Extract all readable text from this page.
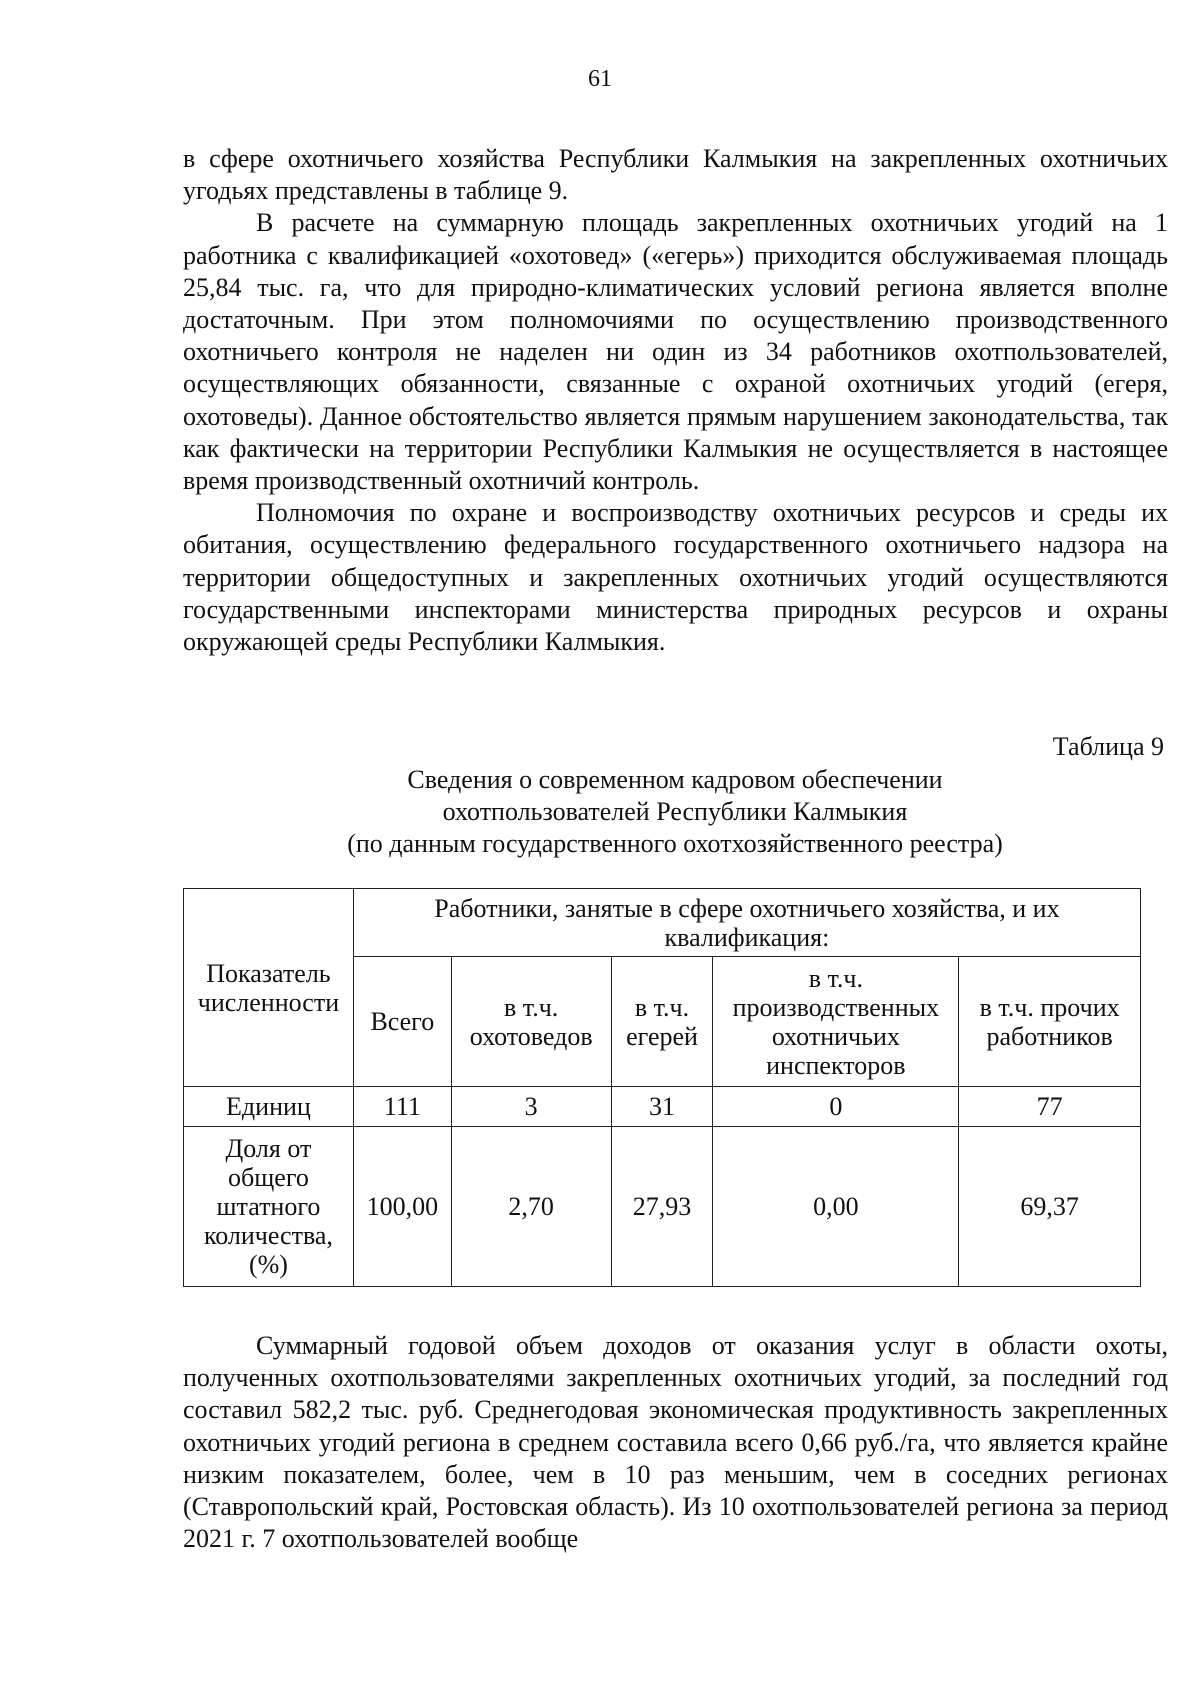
61

в сфере охотничьего хозяйства Республики Калмыкия на закрепленных охотничьих угодьях представлены в таблице 9.

В расчете на суммарную площадь закрепленных охотничьих угодий на 1 работника с квалификацией «охотовед» («егерь») приходится обслуживаемая площадь 25,84 тыс. га, что для природно-климатических условий региона является вполне достаточным. При этом полномочиями по осуществлению производственного охотничьего контроля не наделен ни один из 34 работников охотпользователей, осуществляющих обязанности, связанные с охраной охотничьих угодий (егеря, охотоведы). Данное обстоятельство является прямым нарушением законодательства, так как фактически на территории Республики Калмыкия не осуществляется в настоящее время производственный охотничий контроль.

Полномочия по охране и воспроизводству охотничьих ресурсов и среды их обитания, осуществлению федерального государственного охотничьего надзора на территории общедоступных и закрепленных охотничьих угодий осуществляются государственными инспекторами министерства природных ресурсов и охраны окружающей среды Республики Калмыкия.

Таблица 9
Сведения о современном кадровом обеспечении
охотпользователей Республики Калмыкия
(по данным государственного охотхозяйственного реестра)
Показатель численности	Работники, занятые в сфере охотничьего хозяйства, и их квалификация:				
	Всего	в т.ч. охотоведов	в т.ч. егерей	в т.ч. производственных охотничьих инспекторов	в т.ч. прочих работников
Единиц	111	3	31	0	77
Доля от общего штатного количества, (%)	100,00	2,70	27,93	0,00	69,37

Суммарный годовой объем доходов от оказания услуг в области охоты, полученных охотпользователями закрепленных охотничьих угодий, за последний год составил 582,2 тыс. руб. Среднегодовая экономическая продуктивность закрепленных охотничьих угодий региона в среднем составила всего 0,66 руб./га, что является крайне низким показателем, более, чем в 10 раз меньшим, чем в соседних регионах (Ставропольский край, Ростовская область). Из 10 охотпользователей региона за период 2021 г. 7 охотпользователей вообще
